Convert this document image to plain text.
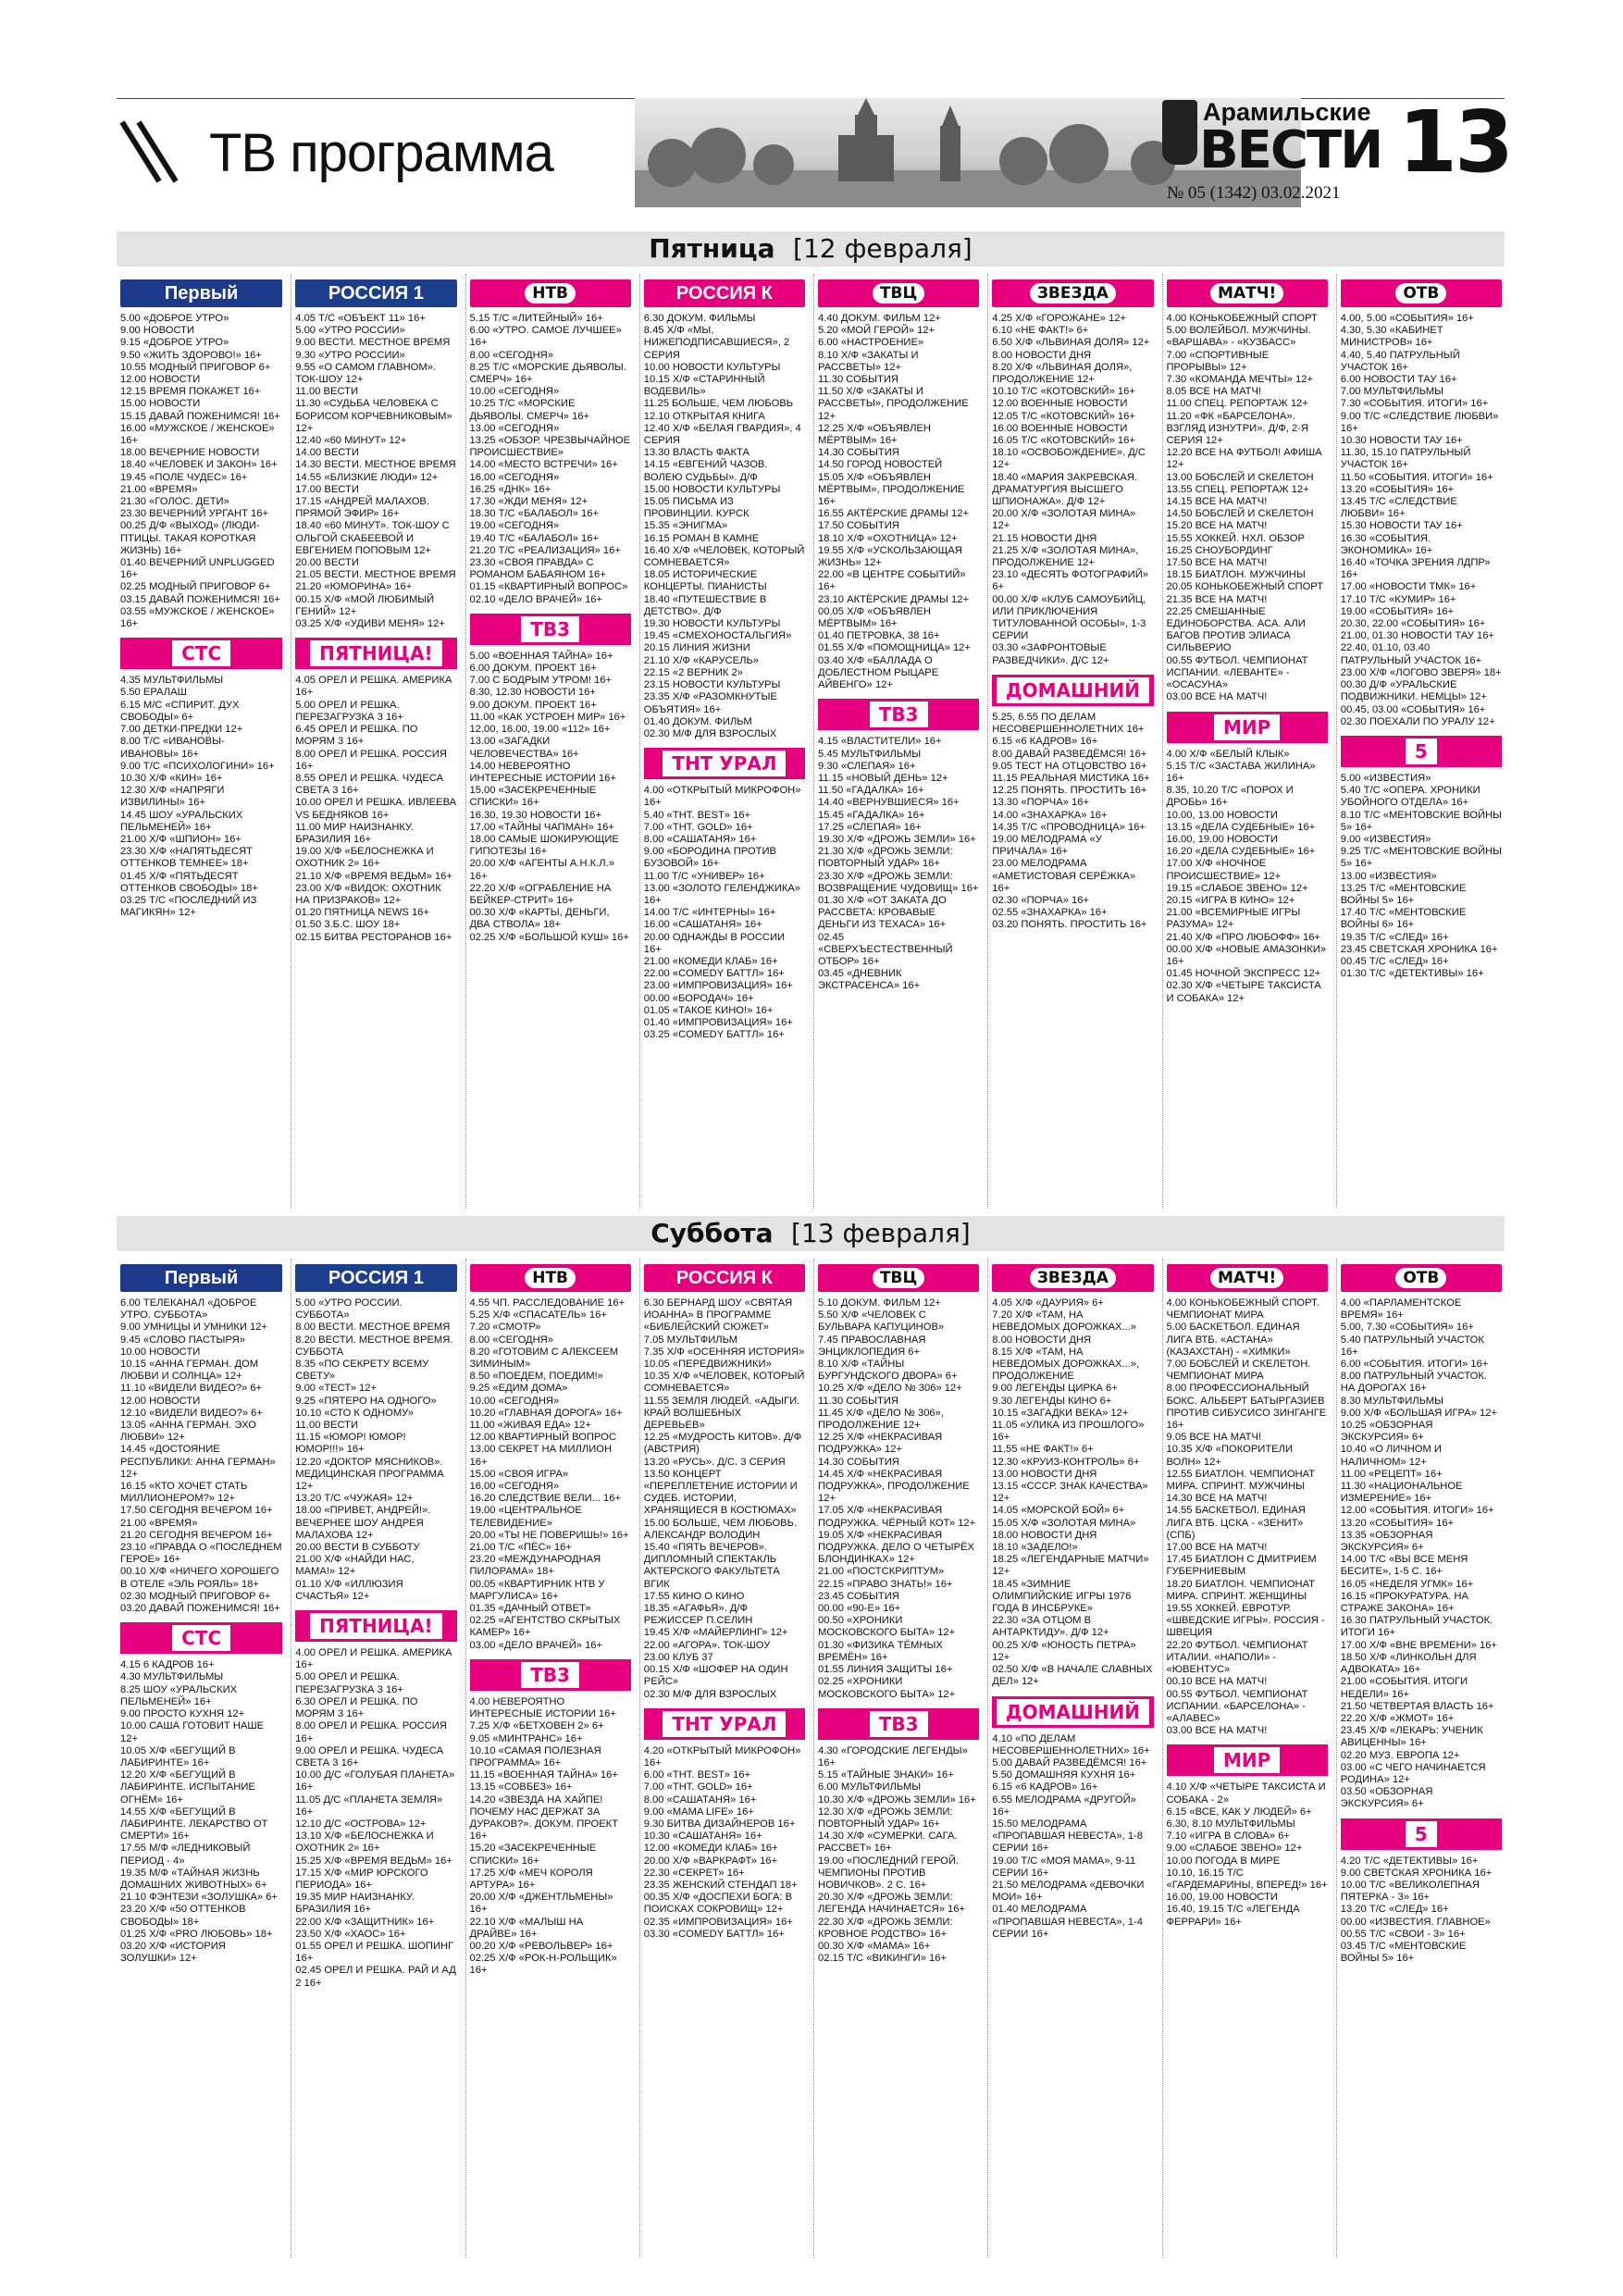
ТВ программа
Арамильские
ВЕСТИ 13
№ 05 (1342) 03.02.2021
Пятница [12 февраля]
Первый
5.00 «ДОБРОЕ УТРО»
9.00 НОВОСТИ
9.15 «ДОБРОЕ УТРО»
9.50 «ЖИТЬ ЗДОРОВО!» 16+
10.55 МОДНЫЙ ПРИГОВОР 6+
12.00 НОВОСТИ
12.15 ВРЕМЯ ПОКАЖЕТ 16+
15.00 НОВОСТИ
15.15 ДАВАЙ ПОЖЕНИМСЯ! 16+
16.00 «МУЖСКОЕ / ЖЕНСКОЕ» 16+
18.00 ВЕЧЕРНИЕ НОВОСТИ
18.40 «ЧЕЛОВЕК И ЗАКОН» 16+
19.45 «ПОЛЕ ЧУДЕС» 16+
21.00 «ВРЕМЯ»
21.30 «ГОЛОС. ДЕТИ»
23.30 ВЕЧЕРНИЙ УРГАНТ 16+
00.25 Д/Ф «ВЫХОД» (ЛЮДИ-ПТИЦЫ. ТАКАЯ КОРОТКАЯ ЖИЗНЬ) 16+
01.40 ВЕЧЕРНИЙ UNPLUGGED 16+
02.25 МОДНЫЙ ПРИГОВОР 6+
03.15 ДАВАЙ ПОЖЕНИМСЯ! 16+
03.55 «МУЖСКОЕ / ЖЕНСКОЕ» 16+
СТС
4.35 МУЛЬТФИЛЬМЫ
5.50 ЕРАЛАШ
6.15 М/С «СПИРИТ. ДУХ СВОБОДЫ» 6+
7.00 ДЕТКИ-ПРЕДКИ 12+
8.00 Т/С «ИВАНОВЫ-ИВАНОВЫ» 16+
9.00 Т/С «ПСИХОЛОГИНИ» 16+
10.30 Х/Ф «КИН» 16+
12.30 Х/Ф «НАПРЯГИ ИЗВИЛИНЫ» 16+
14.45 ШОУ «УРАЛЬСКИХ ПЕЛЬМЕНЕЙ» 16+
21.00 Х/Ф «ШПИОН» 16+
23.30 Х/Ф «НАПЯТЬДЕСЯТ ОТТЕНКОВ ТЕМНЕЕ» 18+
01.45 Х/Ф «ПЯТЬДЕСЯТ ОТТЕНКОВ СВОБОДЫ» 18+
03.25 Т/С «ПОСЛЕДНИЙ ИЗ МАГИКЯН» 12+
РОССИЯ 1
4.05 Т/С «ОБЪЕКТ 11» 16+
5.00 «УТРО РОССИИ»
9.00 ВЕСТИ. МЕСТНОЕ ВРЕМЯ
9.30 «УТРО РОССИИ»
9.55 «О САМОМ ГЛАВНОМ». ТОК-ШОУ 12+
11.00 ВЕСТИ
11.30 «СУДЬБА ЧЕЛОВЕКА С БОРИСОМ КОРЧЕВНИКОВЫМ» 12+
12.40 «60 МИНУТ» 12+
14.00 ВЕСТИ
14.30 ВЕСТИ. МЕСТНОЕ ВРЕМЯ
14.55 «БЛИЗКИЕ ЛЮДИ» 12+
17.00 ВЕСТИ
17.15 «АНДРЕЙ МАЛАХОВ. ПРЯМОЙ ЭФИР» 16+
18.40 «60 МИНУТ». ТОК-ШОУ С ОЛЬГОЙ СКАБЕЕВОЙ И ЕВГЕНИЕМ ПОПОВЫМ 12+
20.00 ВЕСТИ
21.05 ВЕСТИ. МЕСТНОЕ ВРЕМЯ
21.20 «ЮМОРИНА» 16+
00.15 Х/Ф «МОЙ ЛЮБИМЫЙ ГЕНИЙ» 12+
03.25 Х/Ф «УДИВИ МЕНЯ» 12+
ПЯТНИЦА!
4.05 ОРЕЛ И РЕШКА. АМЕРИКА 16+
5.00 ОРЕЛ И РЕШКА. ПЕРЕЗАГРУЗКА 3 16+
6.45 ОРЕЛ И РЕШКА. ПО МОРЯМ 3 16+
8.00 ОРЕЛ И РЕШКА. РОССИЯ 16+
8.55 ОРЕЛ И РЕШКА. ЧУДЕСА СВЕТА 3 16+
10.00 ОРЕЛ И РЕШКА. ИВЛЕЕВА VS БЕДНЯКОВ 16+
11.00 МИР НАИЗНАНКУ. БРАЗИЛИЯ 16+
19.00 Х/Ф «БЕЛОСНЕЖКА И ОХОТНИК 2» 16+
21.10 Х/Ф «ВРЕМЯ ВЕДЬМ» 16+
23.00 Х/Ф «ВИДОК: ОХОТНИК НА ПРИЗРАКОВ» 12+
01.20 ПЯТНИЦА NEWS 16+
01.50 3.Б.С. ШОУ 18+
02.15 БИТВА РЕСТОРАНОВ 16+
НТВ
5.15 Т/С «ЛИТЕЙНЫЙ» 16+
6.00 «УТРО. САМОЕ ЛУЧШЕЕ» 16+
8.00 «СЕГОДНЯ»
8.25 Т/С «МОРСКИЕ ДЬЯВОЛЫ. СМЕРЧ» 16+
10.00 «СЕГОДНЯ»
10.25 Т/С «МОРСКИЕ ДЬЯВОЛЫ. СМЕРЧ» 16+
13.00 «СЕГОДНЯ»
13.25 «ОБЗОР. ЧРЕЗВЫЧАЙНОЕ ПРОИСШЕСТВИЕ»
14.00 «МЕСТО ВСТРЕЧИ» 16+
16.00 «СЕГОДНЯ»
16.25 «ДНК» 16+
17.30 «ЖДИ МЕНЯ» 12+
18.30 Т/С «БАЛАБОЛ» 16+
19.00 «СЕГОДНЯ»
19.40 Т/С «БАЛАБОЛ» 16+
21.20 Т/С «РЕАЛИЗАЦИЯ» 16+
23.30 «СВОЯ ПРАВДА» С РОМАНОМ БАБАЯНОМ 16+
01.15 «КВАРТИРНЫЙ ВОПРОС»
02.10 «ДЕЛО ВРАЧЕЙ» 16+
ТВ3
5.00 «ВОЕННАЯ ТАЙНА» 16+
6.00 ДОКУМ. ПРОЕКТ 16+
7.00 С БОДРЫМ УТРОМ! 16+
8.30, 12.30 НОВОСТИ 16+
9.00 ДОКУМ. ПРОЕКТ 16+
11.00 «КАК УСТРОЕН МИР» 16+
12.00, 16.00, 19.00 «112» 16+
13.00 «ЗАГАДКИ ЧЕЛОВЕЧЕСТВА» 16+
14.00 НЕВЕРОЯТНО ИНТЕРЕСНЫЕ ИСТОРИИ 16+
15.00 «ЗАСЕКРЕЧЕННЫЕ СПИСКИ» 16+
16.30, 19.30 НОВОСТИ 16+
17.00 «ТАЙНЫ ЧАПМАН» 16+
18.00 САМЫЕ ШОКИРУЮЩИЕ ГИПОТЕЗЫ 16+
20.00 Х/Ф «АГЕНТЫ А.Н.К.Л.» 16+
22.20 Х/Ф «ОГРАБЛЕНИЕ НА БЕЙКЕР-СТРИТ» 16+
00.30 Х/Ф «КАРТЫ, ДЕНЬГИ, ДВА СТВОЛА» 18+
02.25 Х/Ф «БОЛЬШОЙ КУШ» 16+
РОССИЯ К
6.30 ДОКУМ. ФИЛЬМЫ
8.45 Х/Ф «МЫ, НИЖЕПОДПИСАВШИЕСЯ», 2 СЕРИЯ
10.00 НОВОСТИ КУЛЬТУРЫ
10.15 Х/Ф «СТАРИННЫЙ ВОДЕВИЛЬ»
11.25 БОЛЬШЕ, ЧЕМ ЛЮБОВЬ
12.10 ОТКРЫТАЯ КНИГА
12.40 Х/Ф «БЕЛАЯ ГВАРДИЯ», 4 СЕРИЯ
13.30 ВЛАСТЬ ФАКТА
14.15 «ЕВГЕНИЙ ЧАЗОВ. ВОЛЕЮ СУДЬБЫ». Д/Ф
15.00 НОВОСТИ КУЛЬТУРЫ
15.05 ПИСЬМА ИЗ ПРОВИНЦИИ. КУРСК
15.35 «ЭНИГМА»
16.15 РОМАН В КАМНЕ
16.40 Х/Ф «ЧЕЛОВЕК, КОТОРЫЙ СОМНЕВАЕТСЯ»
18.05 ИСТОРИЧЕСКИЕ КОНЦЕРТЫ. ПИАНИСТЫ
18.40 «ПУТЕШЕСТВИЕ В ДЕТСТВО». Д/Ф
19.30 НОВОСТИ КУЛЬТУРЫ
19.45 «СМЕХОНОСТАЛЬГИЯ»
20.15 ЛИНИЯ ЖИЗНИ
21.10 Х/Ф «КАРУСЕЛЬ»
22.15 «2 ВЕРНИК 2»
23.15 НОВОСТИ КУЛЬТУРЫ
23.35 Х/Ф «РАЗОМКНУТЫЕ ОБЪЯТИЯ» 16+
01.40 ДОКУМ. ФИЛЬМ
02.30 М/Ф ДЛЯ ВЗРОСЛЫХ
ТНТ УРАЛ
4.00 «ОТКРЫТЫЙ МИКРОФОН» 16+
5.40 «ТНТ. BEST» 16+
7.00 «ТНТ. GOLD» 16+
8.00 «САШАТАНЯ» 16+
9.00 «БОРОДИНА ПРОТИВ БУЗОВОЙ» 16+
11.00 Т/С «УНИВЕР» 16+
13.00 «ЗОЛОТО ГЕЛЕНДЖИКА» 16+
14.00 Т/С «ИНТЕРНЫ» 16+
16.00 «САШАТАНЯ» 16+
20.00 ОДНАЖДЫ В РОССИИ 16+
21.00 «КОМЕДИ КЛАБ» 16+
22.00 «COMEDY БАТТЛ» 16+
23.00 «ИМПРОВИЗАЦИЯ» 16+
00.00 «БОРОДАЧ» 16+
01.05 «ТАКОЕ КИНО!» 16+
01.40 «ИМПРОВИЗАЦИЯ» 16+
03.25 «COMEDY БАТТЛ» 16+
ТВЦ
4.40 ДОКУМ. ФИЛЬМ 12+
5.20 «МОЙ ГЕРОЙ» 12+
6.00 «НАСТРОЕНИЕ»
8.10 Х/Ф «ЗАКАТЫ И РАССВЕТЫ» 12+
11.30 СОБЫТИЯ
11.50 Х/Ф «ЗАКАТЫ И РАССВЕТЫ», ПРОДОЛЖЕНИЕ 12+
12.25 Х/Ф «ОБЪЯВЛЕН МЁРТВЫМ» 16+
14.30 СОБЫТИЯ
14.50 ГОРОД НОВОСТЕЙ
15.05 Х/Ф «ОБЪЯВЛЕН МЁРТВЫМ», ПРОДОЛЖЕНИЕ 16+
16.55 АКТЁРСКИЕ ДРАМЫ 12+
17.50 СОБЫТИЯ
18.10 Х/Ф «ОХОТНИЦА» 12+
19.55 Х/Ф «УСКОЛЬЗАЮЩАЯ ЖИЗНЬ» 12+
22.00 «В ЦЕНТРЕ СОБЫТИЙ» 16+
23.10 АКТЁРСКИЕ ДРАМЫ 12+
00.05 Х/Ф «ОБЪЯВЛЕН МЁРТВЫМ» 16+
01.40 ПЕТРОВКА, 38 16+
01.55 Х/Ф «ПОМОЩНИЦА» 12+
03.40 Х/Ф «БАЛЛАДА О ДОБЛЕСТНОМ РЫЦАРЕ АЙВЕНГО» 12+
ТВ3
4.15 «ВЛАСТИТЕЛИ» 16+
5.45 МУЛЬТФИЛЬМЫ
9.30 «СЛЕПАЯ» 16+
11.15 «НОВЫЙ ДЕНЬ» 12+
11.50 «ГАДАЛКА» 16+
14.40 «ВЕРНУВШИЕСЯ» 16+
15.45 «ГАДАЛКА» 16+
17.25 «СЛЕПАЯ» 16+
19.30 Х/Ф «ДРОЖЬ ЗЕМЛИ» 16+
21.30 Х/Ф «ДРОЖЬ ЗЕМЛИ: ПОВТОРНЫЙ УДАР» 16+
23.30 Х/Ф «ДРОЖЬ ЗЕМЛИ: ВОЗВРАЩЕНИЕ ЧУДОВИЩ» 16+
01.30 Х/Ф «ОТ ЗАКАТА ДО РАССВЕТА: КРОВАВЫЕ ДЕНЬГИ ИЗ ТЕХАСА» 16+
02.45 «СВЕРХЪЕСТЕСТВЕННЫЙ ОТБОР» 16+
03.45 «ДНЕВНИК ЭКСТРАСЕНСА» 16+
ЗВЕЗДА
4.25 Х/Ф «ГОРОЖАНЕ» 12+
6.10 «НЕ ФАКТ!» 6+
6.50 Х/Ф «ЛЬВИНАЯ ДОЛЯ» 12+
8.00 НОВОСТИ ДНЯ
8.20 Х/Ф «ЛЬВИНАЯ ДОЛЯ», ПРОДОЛЖЕНИЕ 12+
10.10 Т/С «КОТОВСКИЙ» 16+
12.00 ВОЕННЫЕ НОВОСТИ
12.05 Т/С «КОТОВСКИЙ» 16+
16.00 ВОЕННЫЕ НОВОСТИ
16.05 Т/С «КОТОВСКИЙ» 16+
18.10 «ОСВОБОЖДЕНИЕ». Д/С 12+
18.40 «МАРИЯ ЗАКРЕВСКАЯ. ДРАМАТУРГИЯ ВЫСШЕГО ШПИОНАЖА». Д/Ф 12+
20.00 Х/Ф «ЗОЛОТАЯ МИНА» 12+
21.15 НОВОСТИ ДНЯ
21.25 Х/Ф «ЗОЛОТАЯ МИНА», ПРОДОЛЖЕНИЕ 12+
23.10 «ДЕСЯТЬ ФОТОГРАФИЙ» 6+
00.00 Х/Ф «КЛУБ САМОУБИЙЦ, ИЛИ ПРИКЛЮЧЕНИЯ ТИТУЛОВАННОЙ ОСОБЫ», 1-3 СЕРИИ
03.30 «ЗАФРОНТОВЫЕ РАЗВЕДЧИКИ». Д/С 12+
ДОМАШНИЙ
5.25, 6.55 ПО ДЕЛАМ НЕСОВЕРШЕННОЛЕТНИХ 16+
6.15 «6 КАДРОВ» 16+
8.00 ДАВАЙ РАЗВЕДЁМСЯ! 16+
9.05 ТЕСТ НА ОТЦОВСТВО 16+
11.15 РЕАЛЬНАЯ МИСТИКА 16+
12.25 ПОНЯТЬ. ПРОСТИТЬ 16+
13.30 «ПОРЧА» 16+
14.00 «ЗНАХАРКА» 16+
14.35 Т/С «ПРОВОДНИЦА» 16+
19.00 МЕЛОДРАМА «У ПРИЧАЛА» 16+
23.00 МЕЛОДРАМА «АМЕТИСТОВАЯ СЕРЁЖКА» 16+
02.30 «ПОРЧА» 16+
02.55 «ЗНАХАРКА» 16+
03.20 ПОНЯТЬ. ПРОСТИТЬ 16+
МАТЧ!
4.00 КОНЬКОБЕЖНЫЙ СПОРТ
5.00 ВОЛЕЙБОЛ. МУЖЧИНЫ. «ВАРШАВА» - «КУЗБАСС»
7.00 «СПОРТИВНЫЕ ПРОРЫВЫ» 12+
7.30 «КОМАНДА МЕЧТЫ» 12+
8.05 ВСЕ НА МАТЧ!
11.00 СПЕЦ. РЕПОРТАЖ 12+
11.20 «ФК «БАРСЕЛОНА». ВЗГЛЯД ИЗНУТРИ». Д/Ф, 2-Я СЕРИЯ 12+
12.20 ВСЕ НА ФУТБОЛ! АФИША 12+
13.00 БОБСЛЕЙ И СКЕЛЕТОН
13.55 СПЕЦ. РЕПОРТАЖ 12+
14.15 ВСЕ НА МАТЧ!
14.50 БОБСЛЕЙ И СКЕЛЕТОН
15.20 ВСЕ НА МАТЧ!
15.55 ХОККЕЙ. НХЛ. ОБЗОР
16.25 СНОУБОРДИНГ
17.50 ВСЕ НА МАТЧ!
18.15 БИАТЛОН. МУЖЧИНЫ
20.05 КОНЬКОБЕЖНЫЙ СПОРТ
21.35 ВСЕ НА МАТЧ!
22.25 СМЕШАННЫЕ ЕДИНОБОРСТВА. АСА. АЛИ БАГОВ ПРОТИВ ЭЛИАСА СИЛЬВЕРИО
00.55 ФУТБОЛ. ЧЕМПИОНАТ ИСПАНИИ. «ЛЕВАНТЕ» - «ОСАСУНА»
03.00 ВСЕ НА МАТЧ!
МИР
4.00 Х/Ф «БЕЛЫЙ КЛЫК»
5.15 Т/С «ЗАСТАВА ЖИЛИНА» 16+
8.35, 10.20 Т/С «ПОРОХ И ДРОБЬ» 16+
10.00, 13.00 НОВОСТИ
13.15 «ДЕЛА СУДЕБНЫЕ» 16+
16.00, 19.00 НОВОСТИ
16.20 «ДЕЛА СУДЕБНЫЕ» 16+
17.00 Х/Ф «НОЧНОЕ ПРОИСШЕСТВИЕ» 12+
19.15 «СЛАБОЕ ЗВЕНО» 12+
20.15 «ИГРА В КИНО» 12+
21.00 «ВСЕМИРНЫЕ ИГРЫ РАЗУМА» 12+
21.40 Х/Ф «ПРО ЛЮБОФФ» 16+
00.00 Х/Ф «НОВЫЕ АМАЗОНКИ» 16+
01.45 НОЧНОЙ ЭКСПРЕСС 12+
02.30 Х/Ф «ЧЕТЫРЕ ТАКСИСТА И СОБАКА» 12+
ОТВ
4.00, 5.00 «СОБЫТИЯ» 16+
4.30, 5.30 «КАБИНЕТ МИНИСТРОВ» 16+
4.40, 5.40 ПАТРУЛЬНЫЙ УЧАСТОК 16+
6.00 НОВОСТИ ТАУ 16+
7.00 МУЛЬТФИЛЬМЫ
7.30 «СОБЫТИЯ. ИТОГИ» 16+
9.00 Т/С «СЛЕДСТВИЕ ЛЮБВИ» 16+
10.30 НОВОСТИ ТАУ 16+
11.30, 15.10 ПАТРУЛЬНЫЙ УЧАСТОК 16+
11.50 «СОБЫТИЯ. ИТОГИ» 16+
13.20 «СОБЫТИЯ» 16+
13.45 Т/С «СЛЕДСТВИЕ ЛЮБВИ» 16+
15.30 НОВОСТИ ТАУ 16+
16.30 «СОБЫТИЯ. ЭКОНОМИКА» 16+
16.40 «ТОЧКА ЗРЕНИЯ ЛДПР» 16+
17.00 «НОВОСТИ ТМК» 16+
17.10 Т/С «КУМИР» 16+
19.00 «СОБЫТИЯ» 16+
20.30, 22.00 «СОБЫТИЯ» 16+
21.00, 01.30 НОВОСТИ ТАУ 16+
22.40, 01.10, 03.40 ПАТРУЛЬНЫЙ УЧАСТОК 16+
23.00 Х/Ф «ЛОГОВО ЗВЕРЯ» 18+
00.30 Д/Ф «УРАЛЬСКИЕ ПОДВИЖНИКИ. НЕМЦЫ» 12+
00.45, 03.00 «СОБЫТИЯ» 16+
02.30 ПОЕХАЛИ ПО УРАЛУ 12+
5
5.00 «ИЗВЕСТИЯ»
5.40 Т/С «ОПЕРА. ХРОНИКИ УБОЙНОГО ОТДЕЛА» 16+
8.10 Т/С «МЕНТОВСКИЕ ВОЙНЫ 5» 16+
9.00 «ИЗВЕСТИЯ»
9.25 Т/С «МЕНТОВСКИЕ ВОЙНЫ 5» 16+
13.00 «ИЗВЕСТИЯ»
13.25 Т/С «МЕНТОВСКИЕ ВОЙНЫ 5» 16+
17.40 Т/С «МЕНТОВСКИЕ ВОЙНЫ 6» 16+
19.35 Т/С «СЛЕД» 16+
23.45 СВЕТСКАЯ ХРОНИКА 16+
00.45 Т/С «СЛЕД» 16+
01.30 Т/С «ДЕТЕКТИВЫ» 16+
Суббота [13 февраля]
Первый
6.00 ТЕЛЕКАНАЛ «ДОБРОЕ УТРО. СУББОТА»
9.00 УМНИЦЫ И УМНИКИ 12+
9.45 «СЛОВО ПАСТЫРЯ»
10.00 НОВОСТИ
10.15 «АННА ГЕРМАН. ДОМ ЛЮБВИ И СОЛНЦА» 12+
11.10 «ВИДЕЛИ ВИДЕО?» 6+
12.00 НОВОСТИ
12.10 «ВИДЕЛИ ВИДЕО?» 6+
13.05 «АННА ГЕРМАН. ЭХО ЛЮБВИ» 12+
14.45 «ДОСТОЯНИЕ РЕСПУБЛИКИ: АННА ГЕРМАН» 12+
16.15 «КТО ХОЧЕТ СТАТЬ МИЛЛИОНЕРОМ?» 12+
17.50 СЕГОДНЯ ВЕЧЕРОМ 16+
21.00 «ВРЕМЯ»
21.20 СЕГОДНЯ ВЕЧЕРОМ 16+
23.10 «ПРАВДА О «ПОСЛЕДНЕМ ГЕРОЕ» 16+
00.10 Х/Ф «НИЧЕГО ХОРОШЕГО В ОТЕЛЕ «ЭЛЬ РОЯЛЬ» 18+
02.30 МОДНЫЙ ПРИГОВОР 6+
03.20 ДАВАЙ ПОЖЕНИМСЯ! 16+
СТС
4.15 6 КАДРОВ 16+
4.30 МУЛЬТФИЛЬМЫ
8.25 ШОУ «УРАЛЬСКИХ ПЕЛЬМЕНЕЙ» 16+
9.00 ПРОСТО КУХНЯ 12+
10.00 САША ГОТОВИТ НАШЕ 12+
10.05 Х/Ф «БЕГУЩИЙ В ЛАБИРИНТЕ» 16+
12.20 Х/Ф «БЕГУЩИЙ В ЛАБИРИНТЕ. ИСПЫТАНИЕ ОГНЁМ» 16+
14.55 Х/Ф «БЕГУЩИЙ В ЛАБИРИНТЕ. ЛЕКАРСТВО ОТ СМЕРТИ» 16+
17.55 М/Ф «ЛЕДНИКОВЫЙ ПЕРИОД - 4»
19.35 М/Ф «ТАЙНАЯ ЖИЗНЬ ДОМАШНИХ ЖИВОТНЫХ» 6+
21.10 ФЭНТЕЗИ «ЗОЛУШКА» 6+
23.20 Х/Ф «50 ОТТЕНКОВ СВОБОДЫ» 18+
01.25 Х/Ф «PRO ЛЮБОВЬ» 18+
03.20 Х/Ф «ИСТОРИЯ ЗОЛУШКИ» 12+
РОССИЯ 1
5.00 «УТРО РОССИИ. СУББОТА»
8.00 ВЕСТИ. МЕСТНОЕ ВРЕМЯ
8.20 ВЕСТИ. МЕСТНОЕ ВРЕМЯ. СУББОТА
8.35 «ПО СЕКРЕТУ ВСЕМУ СВЕТУ»
9.00 «ТЕСТ» 12+
9.25 «ПЯТЕРО НА ОДНОГО»
10.10 «СТО К ОДНОМУ»
11.00 ВЕСТИ
11.15 «ЮМОР! ЮМОР! ЮМОР!!!» 16+
12.20 «ДОКТОР МЯСНИКОВ». МЕДИЦИНСКАЯ ПРОГРАММА 12+
13.20 Т/С «ЧУЖАЯ» 12+
18.00 «ПРИВЕТ, АНДРЕЙ!». ВЕЧЕРНЕЕ ШОУ АНДРЕЯ МАЛАХОВА 12+
20.00 ВЕСТИ В СУББОТУ
21.00 Х/Ф «НАЙДИ НАС, МАМА!» 12+
01.10 Х/Ф «ИЛЛЮЗИЯ СЧАСТЬЯ» 12+
ПЯТНИЦА!
4.00 ОРЕЛ И РЕШКА. АМЕРИКА 16+
5.00 ОРЕЛ И РЕШКА. ПЕРЕЗАГРУЗКА 3 16+
6.30 ОРЕЛ И РЕШКА. ПО МОРЯМ 3 16+
8.00 ОРЕЛ И РЕШКА. РОССИЯ 16+
9.00 ОРЕЛ И РЕШКА. ЧУДЕСА СВЕТА 3 16+
10.00 Д/С «ГОЛУБАЯ ПЛАНЕТА» 16+
11.05 Д/С «ПЛАНЕТА ЗЕМЛЯ» 16+
12.10 Д/С «ОСТРОВА» 12+
13.10 Х/Ф «БЕЛОСНЕЖКА И ОХОТНИК 2» 16+
15.25 Х/Ф «ВРЕМЯ ВЕДЬМ» 16+
17.15 Х/Ф «МИР ЮРСКОГО ПЕРИОДА» 16+
19.35 МИР НАИЗНАНКУ. БРАЗИЛИЯ 16+
22.00 Х/Ф «ЗАЩИТНИК» 16+
23.50 Х/Ф «ХАОС» 16+
01.55 ОРЕЛ И РЕШКА. ШОПИНГ 16+
02.45 ОРЕЛ И РЕШКА. РАЙ И АД 2 16+
НТВ
4.55 ЧП. РАССЛЕДОВАНИЕ 16+
5.25 Х/Ф «СПАСАТЕЛЬ» 16+
7.20 «СМОТР»
8.00 «СЕГОДНЯ»
8.20 «ГОТОВИМ С АЛЕКСЕЕМ ЗИМИНЫМ»
8.50 «ПОЕДЕМ, ПОЕДИМ!»
9.25 «ЕДИМ ДОМА»
10.00 «СЕГОДНЯ»
10.20 «ГЛАВНАЯ ДОРОГА» 16+
11.00 «ЖИВАЯ ЕДА» 12+
12.00 КВАРТИРНЫЙ ВОПРОС
13.00 СЕКРЕТ НА МИЛЛИОН 16+
15.00 «СВОЯ ИГРА»
16.00 «СЕГОДНЯ»
16.20 СЛЕДСТВИЕ ВЕЛИ... 16+
19.00 «ЦЕНТРАЛЬНОЕ ТЕЛЕВИДЕНИЕ»
20.00 «ТЫ НЕ ПОВЕРИШЬ!» 16+
21.00 Т/С «ПЁС» 16+
23.20 «МЕЖДУНАРОДНАЯ ПИЛОРАМА» 18+
00.05 «КВАРТИРНИК НТВ У МАРГУЛИСА» 16+
01.35 «ДАЧНЫЙ ОТВЕТ»
02.25 «АГЕНТСТВО СКРЫТЫХ КАМЕР» 16+
03.00 «ДЕЛО ВРАЧЕЙ» 16+
ТВ3
4.00 НЕВЕРОЯТНО ИНТЕРЕСНЫЕ ИСТОРИИ 16+
7.25 Х/Ф «БЕТХОВЕН 2» 6+
9.05 «МИНТРАНС» 16+
10.10 «САМАЯ ПОЛЕЗНАЯ ПРОГРАММА» 16+
11.15 «ВОЕННАЯ ТАЙНА» 16+
13.15 «СОВБЕЗ» 16+
14.20 «ЗВЕЗДА НА ХАЙПЕ! ПОЧЕМУ НАС ДЕРЖАТ ЗА ДУРАКОВ?». ДОКУМ. ПРОЕКТ 16+
15.20 «ЗАСЕКРЕЧЕННЫЕ СПИСКИ» 16+
17.25 Х/Ф «МЕЧ КОРОЛЯ АРТУРА» 16+
20.00 Х/Ф «ДЖЕНТЛЬМЕНЫ» 16+
22.10 Х/Ф «МАЛЫШ НА ДРАЙВЕ» 16+
00.20 Х/Ф «РЕВОЛЬВЕР» 16+
02.25 Х/Ф «РОК-Н-РОЛЬЩИК» 16+
РОССИЯ К
6.30 БЕРНАРД ШОУ «СВЯТАЯ ИОАННА» В ПРОГРАММЕ «БИБЛЕЙСКИЙ СЮЖЕТ»
7.05 МУЛЬТФИЛЬМ
7.35 Х/Ф «ОСЕННЯЯ ИСТОРИЯ»
10.05 «ПЕРЕДВИЖНИКИ»
10.35 Х/Ф «ЧЕЛОВЕК, КОТОРЫЙ СОМНЕВАЕТСЯ»
11.55 ЗЕМЛЯ ЛЮДЕЙ. «АДЫГИ. КРАЙ ВОЛШЕБНЫХ ДЕРЕВЬЕВ»
12.25 «МУДРОСТЬ КИТОВ». Д/Ф (АВСТРИЯ)
13.20 «РУСЬ». Д/С. 3 СЕРИЯ
13.50 КОНЦЕРТ «ПЕРЕПЛЕТЕНИЕ ИСТОРИИ И СУДЕБ. ИСТОРИИ, ХРАНЯЩИЕСЯ В КОСТЮМАХ»
15.00 БОЛЬШЕ, ЧЕМ ЛЮБОВЬ. АЛЕКСАНДР ВОЛОДИН
15.40 «ПЯТЬ ВЕЧЕРОВ». ДИПЛОМНЫЙ СПЕКТАКЛЬ АКТЕРСКОГО ФАКУЛЬТЕТА ВГИК
17.55 КИНО О КИНО
18.35 «АГАФЬЯ». Д/Ф РЕЖИССЕР П.СЕЛИН
19.45 Х/Ф «МАЙЕРЛИНГ» 12+
22.00 «АГОРА». ТОК-ШОУ
23.00 КЛУБ 37
00.15 Х/Ф «ШОФЕР НА ОДИН РЕЙС»
02.30 М/Ф ДЛЯ ВЗРОСЛЫХ
ТНТ УРАЛ
4.20 «ОТКРЫТЫЙ МИКРОФОН» 16+
6.00 «ТНТ. BEST» 16+
7.00 «ТНТ. GOLD» 16+
8.00 «САШАТАНЯ» 16+
9.00 «MAMA LIFE» 16+
9.30 БИТВА ДИЗАЙНЕРОВ 16+
10.30 «САШАТАНЯ» 16+
12.00 «КОМЕДИ КЛАБ» 16+
20.00 Х/Ф «ВАРКРАФТ» 16+
22.30 «СЕКРЕТ» 16+
23.35 ЖЕНСКИЙ СТЕНДАП 18+
00.35 Х/Ф «ДОСПЕХИ БОГА: В ПОИСКАХ СОКРОВИЩ» 12+
02.35 «ИМПРОВИЗАЦИЯ» 16+
03.30 «COMEDY БАТТЛ» 16+
ТВЦ
5.10 ДОКУМ. ФИЛЬМ 12+
5.50 Х/Ф «ЧЕЛОВЕК С БУЛЬВАРА КАПУЦИНОВ»
7.45 ПРАВОСЛАВНАЯ ЭНЦИКЛОПЕДИЯ 6+
8.10 Х/Ф «ТАЙНЫ БУРГУНДСКОГО ДВОРА» 6+
10.25 Х/Ф «ДЕЛО № 306» 12+
11.30 СОБЫТИЯ
11.45 Х/Ф «ДЕЛО № 306», ПРОДОЛЖЕНИЕ 12+
12.25 Х/Ф «НЕКРАСИВАЯ ПОДРУЖКА» 12+
14.30 СОБЫТИЯ
14.45 Х/Ф «НЕКРАСИВАЯ ПОДРУЖКА», ПРОДОЛЖЕНИЕ 12+
17.05 Х/Ф «НЕКРАСИВАЯ ПОДРУЖКА. ЧЁРНЫЙ КОТ» 12+
19.05 Х/Ф «НЕКРАСИВАЯ ПОДРУЖКА. ДЕЛО О ЧЕТЫРЁХ БЛОНДИНКАХ» 12+
21.00 «ПОСТСКРИПТУМ»
22.15 «ПРАВО ЗНАТЬ!» 16+
23.45 СОБЫТИЯ
00.00 «90-Е» 16+
00.50 «ХРОНИКИ МОСКОВСКОГО БЫТА» 12+
01.30 «ФИЗИКА ТЁМНЫХ ВРЕМЁН» 16+
01.55 ЛИНИЯ ЗАЩИТЫ 16+
02.25 «ХРОНИКИ МОСКОВСКОГО БЫТА» 12+
ТВ3
4.30 «ГОРОДСКИЕ ЛЕГЕНДЫ» 16+
5.15 «ТАЙНЫЕ ЗНАКИ» 16+
6.00 МУЛЬТФИЛЬМЫ
10.30 Х/Ф «ДРОЖЬ ЗЕМЛИ» 16+
12.30 Х/Ф «ДРОЖЬ ЗЕМЛИ: ПОВТОРНЫЙ УДАР» 16+
14.30 Х/Ф «СУМЕРКИ. САГА. РАССВЕТ» 16+
19.00 «ПОСЛЕДНИЙ ГЕРОЙ. ЧЕМПИОНЫ ПРОТИВ НОВИЧКОВ». 2 С. 16+
20.30 Х/Ф «ДРОЖЬ ЗЕМЛИ: ЛЕГЕНДА НАЧИНАЕТСЯ» 16+
22.30 Х/Ф «ДРОЖЬ ЗЕМЛИ: КРОВНОЕ РОДСТВО» 16+
00.30 Х/Ф «МАМА» 16+
02.15 Т/С «ВИКИНГИ» 16+
ЗВЕЗДА
4.05 Х/Ф «ДАУРИЯ» 6+
7.20 Х/Ф «ТАМ, НА НЕВЕДОМЫХ ДОРОЖКАХ...»
8.00 НОВОСТИ ДНЯ
8.15 Х/Ф «ТАМ, НА НЕВЕДОМЫХ ДОРОЖКАХ...», ПРОДОЛЖЕНИЕ
9.00 ЛЕГЕНДЫ ЦИРКА 6+
9.30 ЛЕГЕНДЫ КИНО 6+
10.15 «ЗАГАДКИ ВЕКА» 12+
11.05 «УЛИКА ИЗ ПРОШЛОГО» 16+
11.55 «НЕ ФАКТ!» 6+
12.30 «КРУИЗ-КОНТРОЛЬ» 6+
13.00 НОВОСТИ ДНЯ
13.15 «СССР. ЗНАК КАЧЕСТВА» 12+
14.05 «МОРСКОЙ БОЙ» 6+
15.05 Х/Ф «ЗОЛОТАЯ МИНА»
18.00 НОВОСТИ ДНЯ
18.10 «ЗАДЕЛО!»
18.25 «ЛЕГЕНДАРНЫЕ МАТЧИ» 12+
18.45 «ЗИМНИЕ ОЛИМПИЙСКИЕ ИГРЫ 1976 ГОДА В ИНСБРУКЕ»
22.30 «ЗА ОТЦОМ В АНТАРКТИДУ». Д/Ф 12+
00.25 Х/Ф «ЮНОСТЬ ПЕТРА» 12+
02.50 Х/Ф «В НАЧАЛЕ СЛАВНЫХ ДЕЛ» 12+
ДОМАШНИЙ
4.10 «ПО ДЕЛАМ НЕСОВЕРШЕННОЛЕТНИХ» 16+
5.00 ДАВАЙ РАЗВЕДЁМСЯ! 16+
5.50 ДОМАШНЯЯ КУХНЯ 16+
6.15 «6 КАДРОВ» 16+
6.55 МЕЛОДРАМА «ДРУГОЙ» 16+
15.50 МЕЛОДРАМА «ПРОПАВШАЯ НЕВЕСТА», 1-8 СЕРИИ 16+
19.00 Т/С «МОЯ МАМА», 9-11 СЕРИИ 16+
21.50 МЕЛОДРАМА «ДЕВОЧКИ МОИ» 16+
01.40 МЕЛОДРАМА «ПРОПАВШАЯ НЕВЕСТА», 1-4 СЕРИИ 16+
МАТЧ!
4.00 КОНЬКОБЕЖНЫЙ СПОРТ. ЧЕМПИОНАТ МИРА
5.00 БАСКЕТБОЛ. ЕДИНАЯ ЛИГА ВТБ. «АСТАНА» (КАЗАХСТАН) - «ХИМКИ»
7.00 БОБСЛЕЙ И СКЕЛЕТОН. ЧЕМПИОНАТ МИРА
8.00 ПРОФЕССИОНАЛЬНЫЙ БОКС. АЛЬБЕРТ БАТЫРГАЗИЕВ ПРОТИВ СИБУСИСО ЗИНГАНГЕ 16+
9.05 ВСЕ НА МАТЧ!
10.35 Х/Ф «ПОКОРИТЕЛИ ВОЛН» 12+
12.55 БИАТЛОН. ЧЕМПИОНАТ МИРА. СПРИНТ. МУЖЧИНЫ
14.30 ВСЕ НА МАТЧ!
14.55 БАСКЕТБОЛ. ЕДИНАЯ ЛИГА ВТБ. ЦСКА - «ЗЕНИТ» (СПБ)
17.00 ВСЕ НА МАТЧ!
17.45 БИАТЛОН С ДМИТРИЕМ ГУБЕРНИЕВЫМ
18.20 БИАТЛОН. ЧЕМПИОНАТ МИРА. СПРИНТ. ЖЕНЩИНЫ
19.55 ХОККЕЙ. ЕВРОТУР. «ШВЕДСКИЕ ИГРЫ». РОССИЯ - ШВЕЦИЯ
22.20 ФУТБОЛ. ЧЕМПИОНАТ ИТАЛИИ. «НАПОЛИ» - «ЮВЕНТУС»
00.10 ВСЕ НА МАТЧ!
00.55 ФУТБОЛ. ЧЕМПИОНАТ ИСПАНИИ. «БАРСЕЛОНА» - «АЛАВЕС»
03.00 ВСЕ НА МАТЧ!
МИР
4.10 Х/Ф «ЧЕТЫРЕ ТАКСИСТА И СОБАКА - 2»
6.15 «ВСЕ, КАК У ЛЮДЕЙ» 6+
6.30, 8.10 МУЛЬТФИЛЬМЫ
7.10 «ИГРА В СЛОВА» 6+
9.00 «СЛАБОЕ ЗВЕНО» 12+
10.00 ПОГОДА В МИРЕ
10.10, 16.15 Т/С «ГАРДЕМАРИНЫ, ВПЕРЕД!» 16+
16.00, 19.00 НОВОСТИ
16.40, 19.15 Т/С «ЛЕГЕНДА ФЕРРАРИ» 16+
ОТВ
4.00 «ПАРЛАМЕНТСКОЕ ВРЕМЯ» 16+
5.00, 7.30 «СОБЫТИЯ» 16+
5.40 ПАТРУЛЬНЫЙ УЧАСТОК 16+
6.00 «СОБЫТИЯ. ИТОГИ» 16+
8.00 ПАТРУЛЬНЫЙ УЧАСТОК. НА ДОРОГАХ 16+
8.30 МУЛЬТФИЛЬМЫ
9.00 Х/Ф «БОЛЬШАЯ ИГРА» 12+
10.25 «ОБЗОРНАЯ ЭКСКУРСИЯ» 6+
10.40 «О ЛИЧНОМ И НАЛИЧНОМ» 12+
11.00 «РЕЦЕПТ» 16+
11.30 «НАЦИОНАЛЬНОЕ ИЗМЕРЕНИЕ» 16+
12.00 «СОБЫТИЯ. ИТОГИ» 16+
13.20 «СОБЫТИЯ» 16+
13.35 «ОБЗОРНАЯ ЭКСКУРСИЯ» 6+
14.00 Т/С «ВЫ ВСЕ МЕНЯ БЕСИТЕ», 1-5 С. 16+
16.05 «НЕДЕЛЯ УГМК» 16+
16.15 «ПРОКУРАТУРА. НА СТРАЖЕ ЗАКОНА» 16+
16.30 ПАТРУЛЬНЫЙ УЧАСТОК. ИТОГИ 16+
17.00 Х/Ф «ВНЕ ВРЕМЕНИ» 16+
18.50 Х/Ф «ЛИНКОЛЬН ДЛЯ АДВОКАТА» 16+
21.00 «СОБЫТИЯ. ИТОГИ НЕДЕЛИ» 16+
21.50 ЧЕТВЕРТАЯ ВЛАСТЬ 16+
22.20 Х/Ф «ЖМОТ» 16+
23.45 Х/Ф «ЛЕКАРЬ: УЧЕНИК АВИЦЕННЫ» 16+
02.20 МУЗ. ЕВРОПА 12+
03.00 «С ЧЕГО НАЧИНАЕТСЯ РОДИНА» 12+
03.50 «ОБЗОРНАЯ ЭКСКУРСИЯ» 6+
5
4.20 Т/С «ДЕТЕКТИВЫ» 16+
9.00 СВЕТСКАЯ ХРОНИКА 16+
10.00 Т/С «ВЕЛИКОЛЕПНАЯ ПЯТЕРКА - 3» 16+
13.20 Т/С «СЛЕД» 16+
00.00 «ИЗВЕСТИЯ. ГЛАВНОЕ»
00.55 Т/С «СВОИ - 3» 16+
03.45 Т/С «МЕНТОВСКИЕ ВОЙНЫ 5» 16+
